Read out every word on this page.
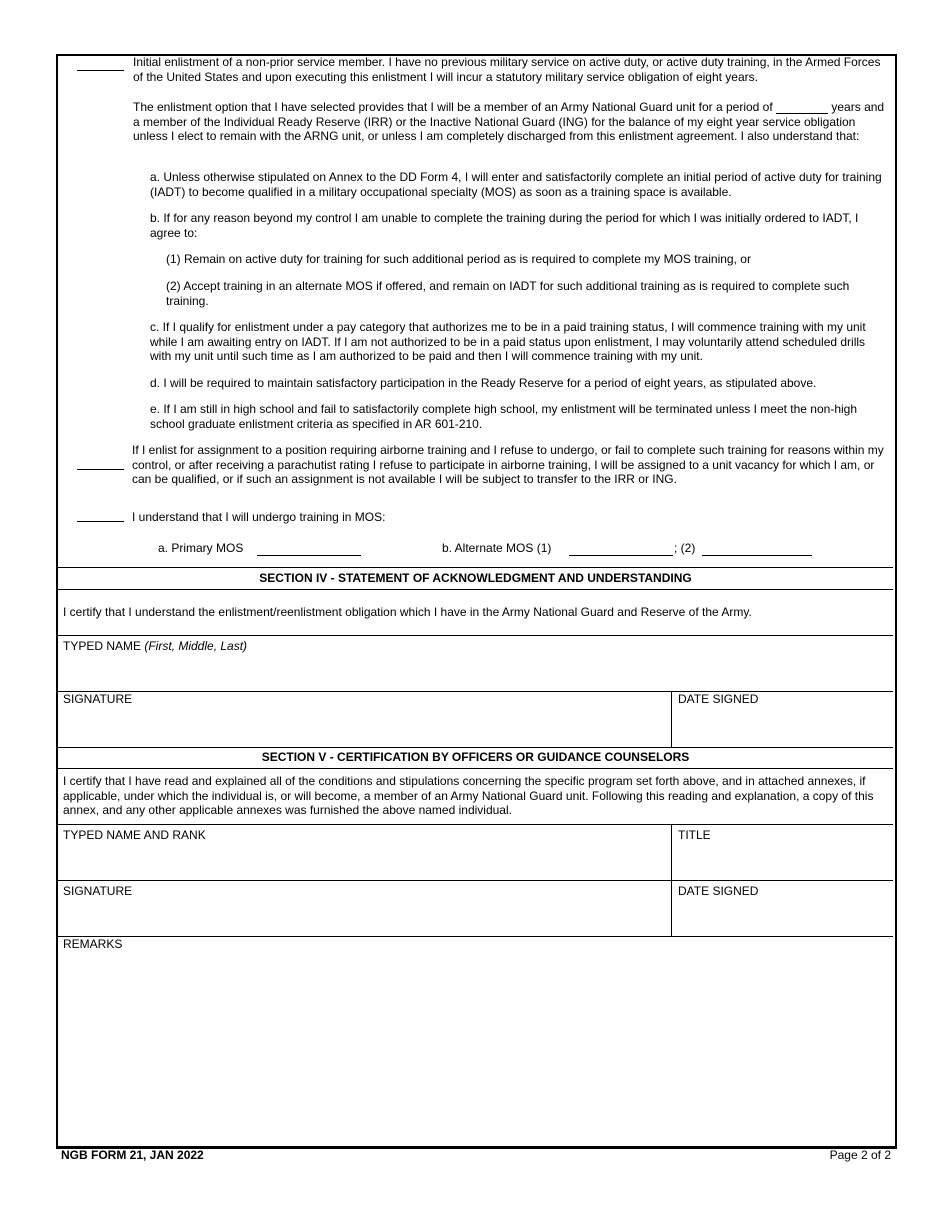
Initial enlistment of a non-prior service member. I have no previous military service on active duty, or active duty training, in the Armed Forces of the United States and upon executing this enlistment I will incur a statutory military service obligation of eight years.

The enlistment option that I have selected provides that I will be a member of an Army National Guard unit for a period of	years and a member of the Individual Ready Reserve (IRR) or the Inactive National Guard (ING) for the balance of my eight year service obligation unless I elect to remain with the ARNG unit, or unless I am completely discharged from this enlistment agreement. I also understand that:

a. Unless otherwise stipulated on Annex to the DD Form 4, I will enter and satisfactorily complete an initial period of active duty for training (IADT) to become qualified in a military occupational specialty (MOS) as soon as a training space is available.

b. If for any reason beyond my control I am unable to complete the training during the period for which I was initially ordered to IADT, I agree to:

(1) Remain on active duty for training for such additional period as is required to complete my MOS training, or

(2) Accept training in an alternate MOS if offered, and remain on IADT for such additional training as is required to complete such training.

c. If I qualify for enlistment under a pay category that authorizes me to be in a paid training status, I will commence training with my unit while I am awaiting entry on IADT. If I am not authorized to be in a paid status upon enlistment, I may voluntarily attend scheduled drills with my unit until such time as I am authorized to be paid and then I will commence training with my unit.

d. I will be required to maintain satisfactory participation in the Ready Reserve for a period of eight years, as stipulated above.

e. If I am still in high school and fail to satisfactorily complete high school, my enlistment will be terminated unless I meet the non-high school graduate enlistment criteria as specified in AR 601-210.

If I enlist for assignment to a position requiring airborne training and I refuse to undergo, or fail to complete such training for reasons within my control, or after receiving a parachutist rating I refuse to participate in airborne training, I will be assigned to a unit vacancy for which I am, or can be qualified, or if such an assignment is not available I will be subject to transfer to the IRR or ING.

I understand that I will undergo training in MOS:

a. Primary MOS	b. Alternate MOS (1)	; (2)
SECTION IV - STATEMENT OF ACKNOWLEDGMENT AND UNDERSTANDING

I certify that I understand the enlistment/reenlistment obligation which I have in the Army National Guard and Reserve of the Army.

TYPED NAME (First, Middle, Last)
SIGNATURE	DATE SIGNED
SECTION V - CERTIFICATION BY OFFICERS OR GUIDANCE COUNSELORS

I certify that I have read and explained all of the conditions and stipulations concerning the specific program set forth above, and in attached annexes, if applicable, under which the individual is, or will become, a member of an Army National Guard unit. Following this reading and explanation, a copy of this annex, and any other applicable annexes was furnished the above named individual.

TYPED NAME AND RANK	TITLE
SIGNATURE	DATE SIGNED
REMARKS
NGB FORM 21, JAN 2022	Page 2 of 2
